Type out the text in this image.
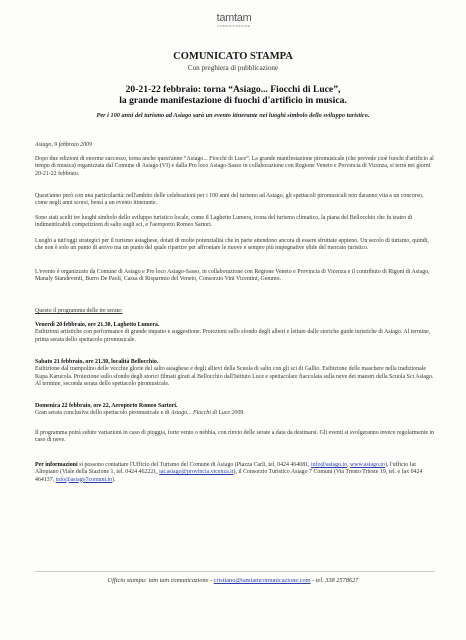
tamtam
COMUNICAZIONE
COMUNICATO STAMPA
Con preghiera di pubblicazione
20-21-22 febbraio: torna “Asiago... Fiocchi di Luce”,
la grande manifestazione di fuochi d'artificio in musica.
Per i 100 anni del turismo ad Asiago sarà un evento itinerante nei luoghi simbolo dello sviluppo turistico.
Asiago, 9 febbraio 2009
Dopo due edizioni di enorme successo, torna anche quest'anno “Asiago... Fiocchi di Luce”. La grande manifestazione piromusicale (che prevede cioè fuochi d'artificio al tempo di musica) organizzata dal Comune di Asiago (VI) e dalla Pro loco Asiago-Sasso in collaborazione con Regione Veneto e Provincia di Vicenza, si terrà nei giorni 20-21-22 febbraio.
Quest'anno però con una particolarità: nell'ambito delle celebrazioni per i 100 anni del turismo ad Asiago, gli spettacoli piromusicali non daranno vita a un concorso, come negli anni scorsi, bensì a un evento itinerante.
Sono stati scelti tre luoghi simbolo dello sviluppo turistico locale, come il Laghetto Lumera, icona del turismo climatico, la piana del Bellocchio che fu teatro di indimenticabili competizioni di salto sugli sci, e l'aeroporto Romeo Sartori.
Luoghi a tutt'oggi strategici per il turismo asiaghese, dotati di molte potenzialità che in parte attendono ancora di essere sfruttate appieno. Un secolo di turismo, quindi, che non è solo un punto di arrivo ma un punto del quale ripartire per affrontare le nuove e sempre più impegnative sfide del mercato turistico.
L'evento è organizzato da Comune di Asiago e Pro loco Asiago-Sasso, in collaborazione con Regione Veneto e Provincia di Vicenza e il contributo di Rigoni di Asiago, Manaly Standeventi, Burro De Paoli, Cassa di Risparmio del Veneto, Consorzio Vini Vicentini, Gemmo.
Questo il programma delle tre serate:
Venerdì 20 febbraio, ore 21.30, Laghetto Lumera.
Esibizioni artistiche con performance di grande impatto e suggestione. Proiezioni sullo sfondo degli alberi e letture dalle storiche guide turistiche di Asiago. Al termine, prima serata dello spettacolo piromusicale.
Sabato 21 febbraio, ore 21.30, località Bellocchio.
Esibizione dal trampolino delle vecchie glorie del salto asiaghese e degli allievi della Scuola di salto con gli sci di Gallio. Esibizione delle maschere nella tradizionale Kupa Karucola. Proiezione sullo sfondo degli storici filmati girati al Bellocchio dall'Istituto Luce e spettacolare fiaccolata sulla neve dei maestri della Scuola Sci Asiago. Al termine, seconda serata dello spettacolo piromusicale.
Domenica 22 febbraio, ore 22, Aeroporto Romeo Sartori.
Gran serata conclusiva dello spettacolo piromusicale e di Asiago... Fiocchi di Luce 2009.
Il programma potrà subire variazioni in caso di pioggia, forte vento o nebbia, con rinvio delle serate a data da destinarsi. Gli eventi si svolgeranno invece regolarmente in caso di neve.
Per informazioni si possono contattare l'Ufficio del Turismo del Comune di Asiago (Piazza Carli, tel. 0424 464081, info@asiago.to, www.asiago.to), l'ufficio Iat Altopiano (Viale della Stazione 1, tel. 0424 462221, iat.asiago@provincia.vicenza.it), il Consorzio Turistico Asiago 7 Comuni (Via Trento Trieste 19, tel. e fax 0424 464137, info@asiago7comuni.to).
Ufficio stampa: tam tam comunicazione - cristiano@tamtamcomunicazione.com - tel. 338 2578627
